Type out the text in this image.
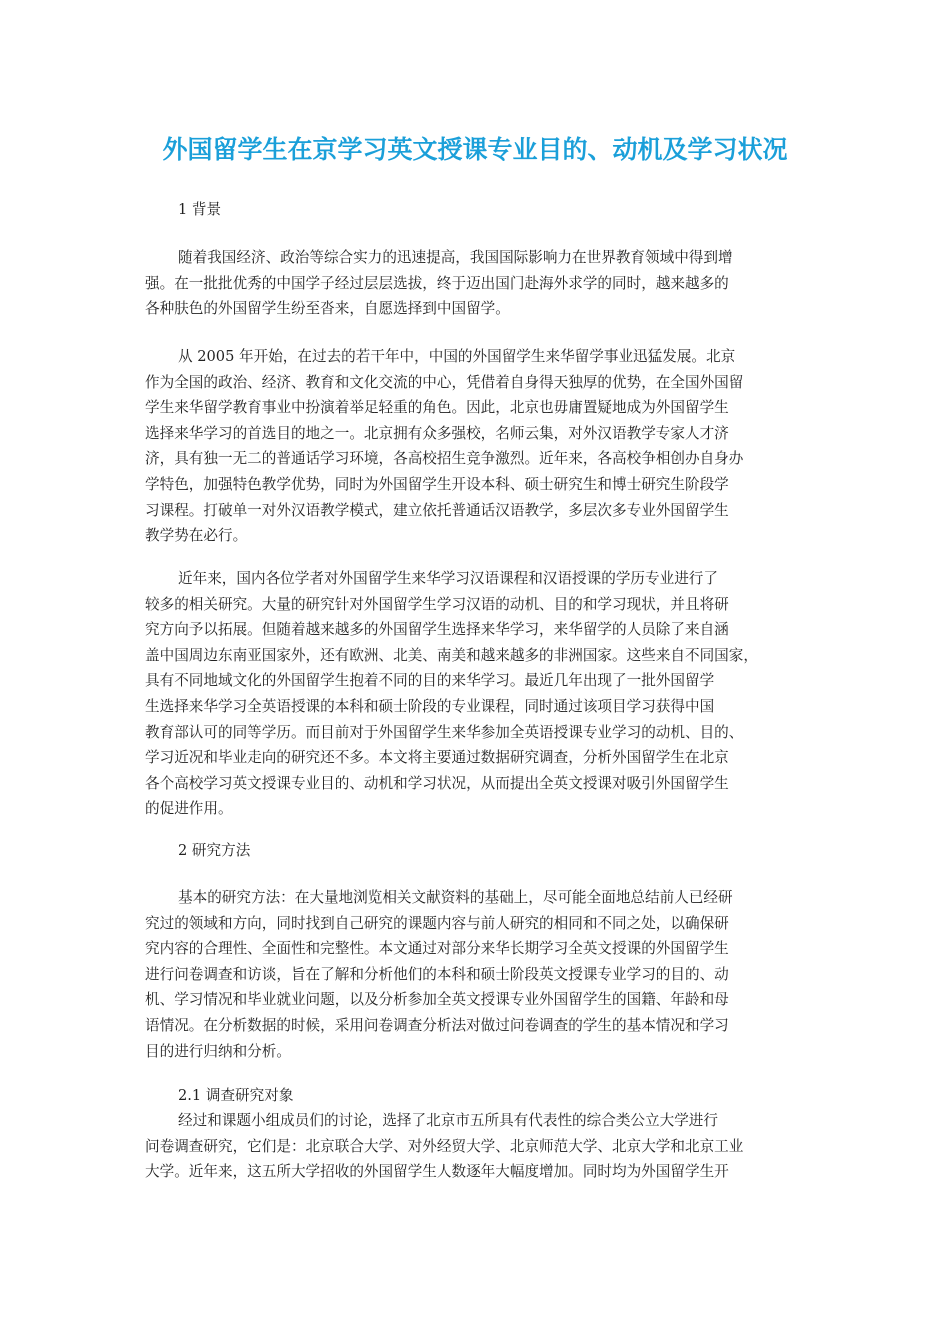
外国留学生在京学习英文授课专业目的、动机及学习状况
1 背景
随着我国经济、政治等综合实力的迅速提高，我国国际影响力在世界教育领域中得到增
强。在一批批优秀的中国学子经过层层选拔，终于迈出国门赴海外求学的同时，越来越多的
各种肤色的外国留学生纷至沓来，自愿选择到中国留学。
从 2005 年开始，在过去的若干年中，中国的外国留学生来华留学事业迅猛发展。北京
作为全国的政治、经济、教育和文化交流的中心，凭借着自身得天独厚的优势，在全国外国留
学生来华留学教育事业中扮演着举足轻重的角色。因此，北京也毋庸置疑地成为外国留学生
选择来华学习的首选目的地之一。北京拥有众多强校，名师云集，对外汉语教学专家人才济
济，具有独一无二的普通话学习环境，各高校招生竞争激烈。近年来，各高校争相创办自身办
学特色，加强特色教学优势，同时为外国留学生开设本科、硕士研究生和博士研究生阶段学
习课程。打破单一对外汉语教学模式，建立依托普通话汉语教学，多层次多专业外国留学生
教学势在必行。
近年来，国内各位学者对外国留学生来华学习汉语课程和汉语授课的学历专业进行了
较多的相关研究。大量的研究针对外国留学生学习汉语的动机、目的和学习现状，并且将研
究方向予以拓展。但随着越来越多的外国留学生选择来华学习，来华留学的人员除了来自涵
盖中国周边东南亚国家外，还有欧洲、北美、南美和越来越多的非洲国家。这些来自不同国家，
具有不同地域文化的外国留学生抱着不同的目的来华学习。最近几年出现了一批外国留学
生选择来华学习全英语授课的本科和硕士阶段的专业课程，同时通过该项目学习获得中国
教育部认可的同等学历。而目前对于外国留学生来华参加全英语授课专业学习的动机、目的、
学习近况和毕业走向的研究还不多。本文将主要通过数据研究调查，分析外国留学生在北京
各个高校学习英文授课专业目的、动机和学习状况，从而提出全英文授课对吸引外国留学生
的促进作用。
2 研究方法
基本的研究方法：在大量地浏览相关文献资料的基础上，尽可能全面地总结前人已经研
究过的领域和方向，同时找到自己研究的课题内容与前人研究的相同和不同之处，以确保研
究内容的合理性、全面性和完整性。本文通过对部分来华长期学习全英文授课的外国留学生
进行问卷调查和访谈，旨在了解和分析他们的本科和硕士阶段英文授课专业学习的目的、动
机、学习情况和毕业就业问题，以及分析参加全英文授课专业外国留学生的国籍、年龄和母
语情况。在分析数据的时候，采用问卷调查分析法对做过问卷调查的学生的基本情况和学习
目的进行归纳和分析。
2.1 调查研究对象
经过和课题小组成员们的讨论，选择了北京市五所具有代表性的综合类公立大学进行
问卷调查研究，它们是：北京联合大学、对外经贸大学、北京师范大学、北京大学和北京工业
大学。近年来，这五所大学招收的外国留学生人数逐年大幅度增加。同时均为外国留学生开
